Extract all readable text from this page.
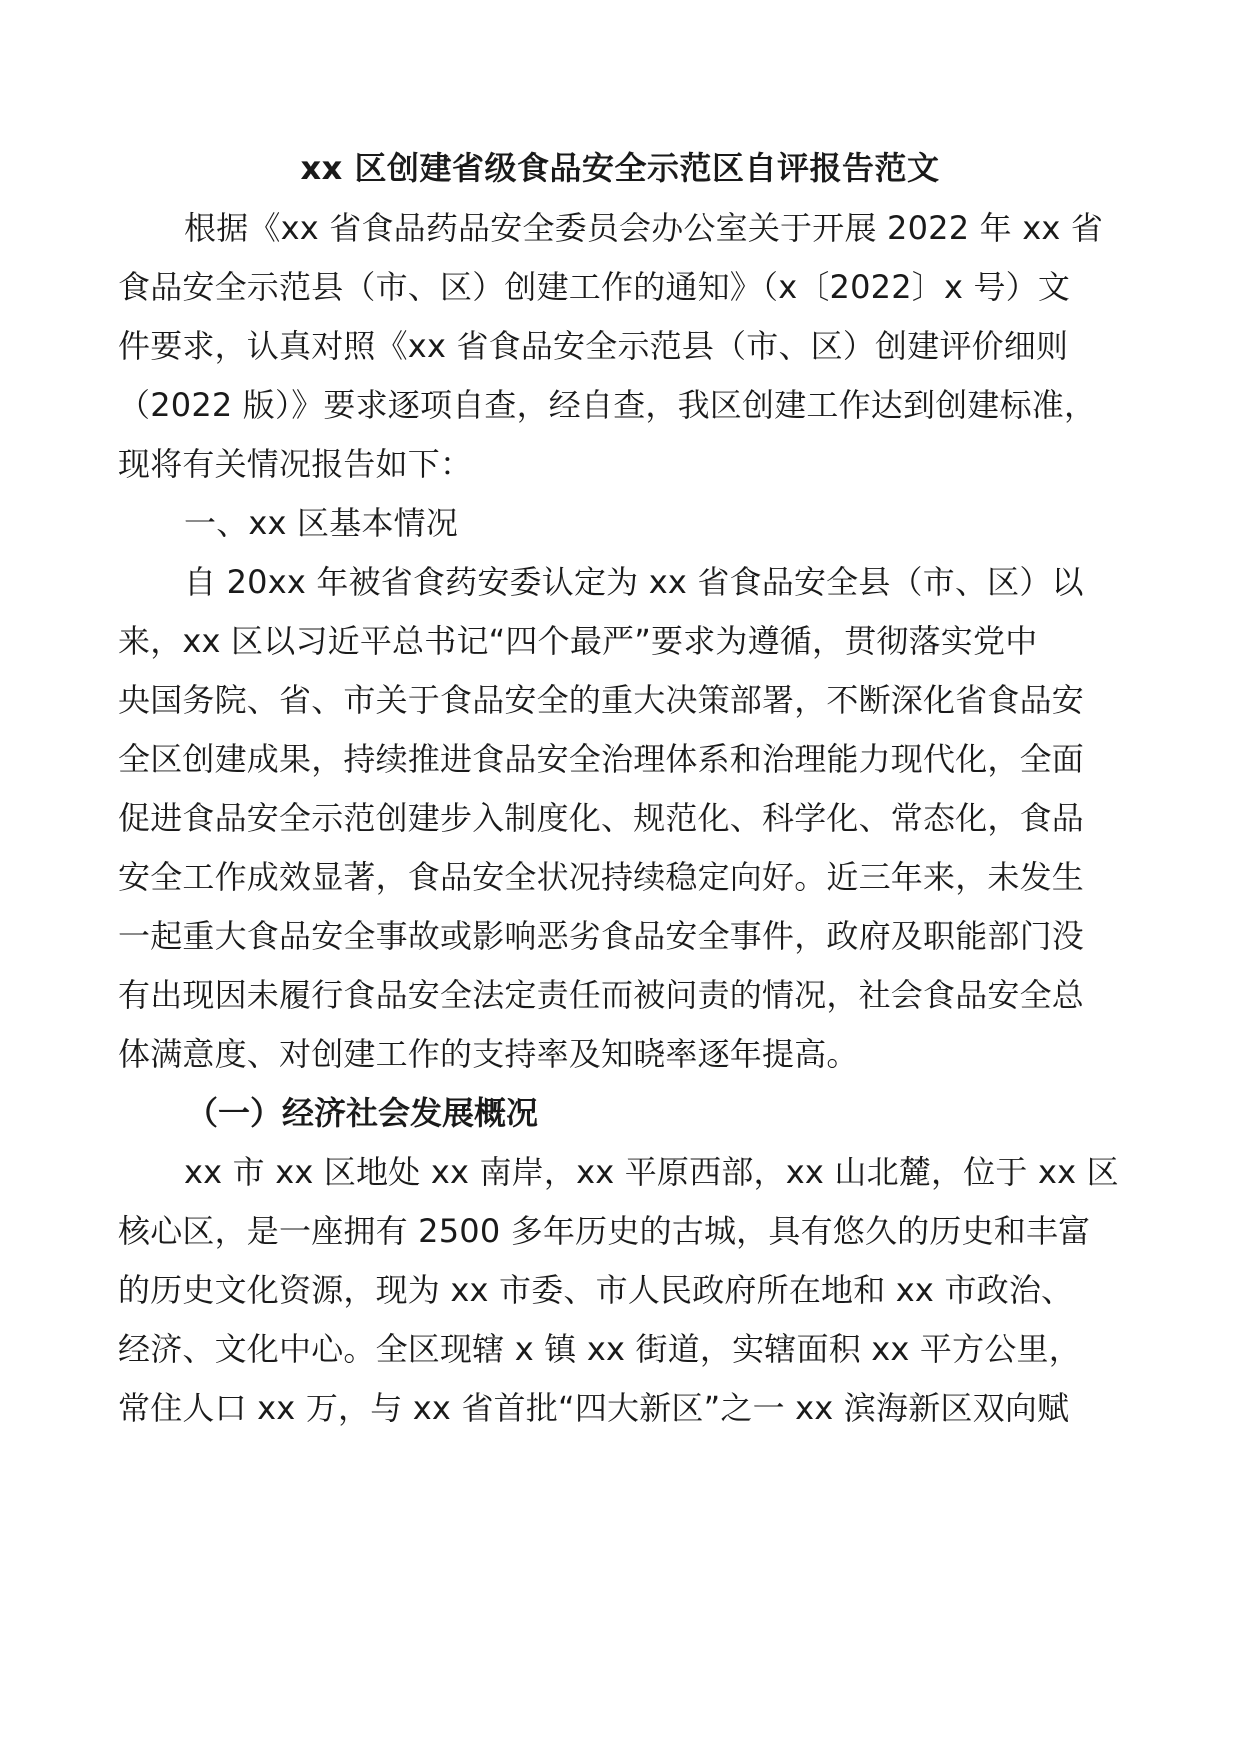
xx 区创建省级食品安全示范区自评报告范文
根据《xx 省食品药品安全委员会办公室关于开展 2022 年 xx 省
食品安全示范县（市、区）创建工作的通知》（x〔2022〕x 号）文
件要求，认真对照《xx 省食品安全示范县（市、区）创建评价细则
（2022 版）》要求逐项自查，经自查，我区创建工作达到创建标准，
现将有关情况报告如下：
一、xx 区基本情况
自 20xx 年被省食药安委认定为 xx 省食品安全县（市、区）以
来，xx 区以习近平总书记“四个最严”要求为遵循，贯彻落实党中
央国务院、省、市关于食品安全的重大决策部署，不断深化省食品安
全区创建成果，持续推进食品安全治理体系和治理能力现代化，全面
促进食品安全示范创建步入制度化、规范化、科学化、常态化，食品
安全工作成效显著，食品安全状况持续稳定向好。近三年来，未发生
一起重大食品安全事故或影响恶劣食品安全事件，政府及职能部门没
有出现因未履行食品安全法定责任而被问责的情况，社会食品安全总
体满意度、对创建工作的支持率及知晓率逐年提高。
（一）经济社会发展概况
xx 市 xx 区地处 xx 南岸，xx 平原西部，xx 山北麓，位于 xx 区
核心区，是一座拥有 2500 多年历史的古城，具有悠久的历史和丰富
的历史文化资源，现为 xx 市委、市人民政府所在地和 xx 市政治、
经济、文化中心。全区现辖 x 镇 xx 街道，实辖面积 xx 平方公里，
常住人口 xx 万，与 xx 省首批“四大新区”之一 xx 滨海新区双向赋
